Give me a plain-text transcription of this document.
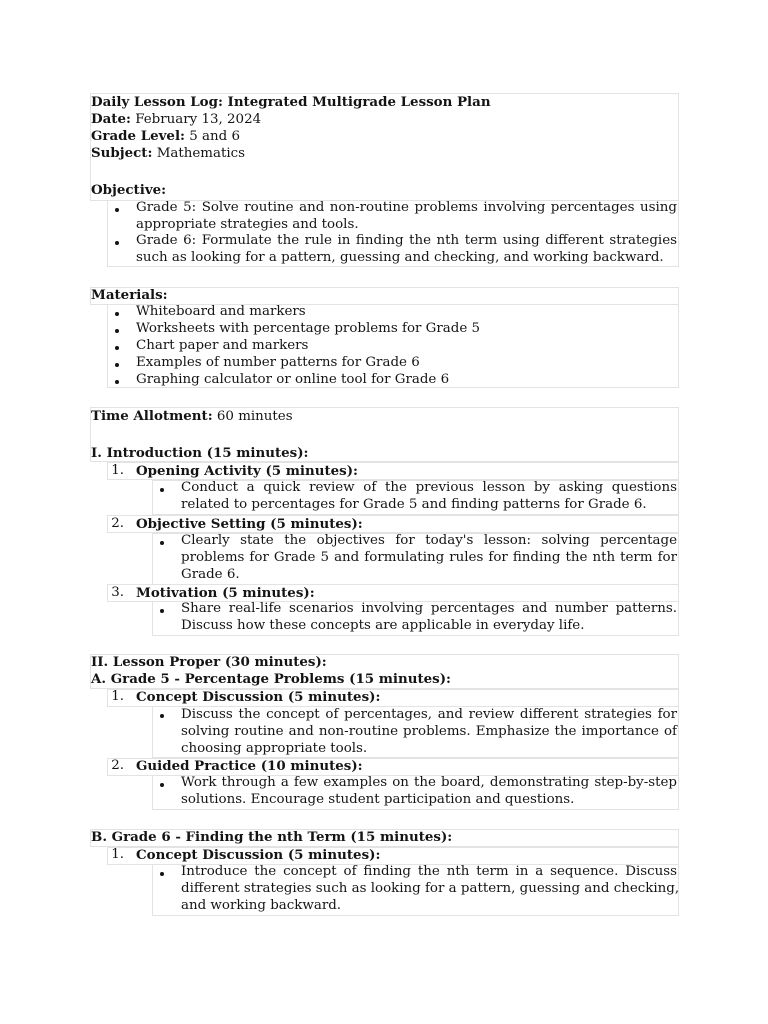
Daily Lesson Log: Integrated Multigrade Lesson Plan
Date: February 13, 2024
Grade Level: 5 and 6
Subject: Mathematics
Objective:
Grade 5: Solve routine and non-routine problems involving percentages using
appropriate strategies and tools.
Grade 6: Formulate the rule in finding the nth term using different strategies
such as looking for a pattern, guessing and checking, and working backward.
Materials:
Whiteboard and markers
Worksheets with percentage problems for Grade 5
Chart paper and markers
Examples of number patterns for Grade 6
Graphing calculator or online tool for Grade 6
Time Allotment: 60 minutes
I. Introduction (15 minutes):
1. Opening Activity (5 minutes):
Conduct a quick review of the previous lesson by asking questions
related to percentages for Grade 5 and finding patterns for Grade 6.
2. Objective Setting (5 minutes):
Clearly state the objectives for today's lesson: solving percentage
problems for Grade 5 and formulating rules for finding the nth term for
Grade 6.
3. Motivation (5 minutes):
Share real-life scenarios involving percentages and number patterns.
Discuss how these concepts are applicable in everyday life.
II. Lesson Proper (30 minutes):
A. Grade 5 - Percentage Problems (15 minutes):
1. Concept Discussion (5 minutes):
Discuss the concept of percentages, and review different strategies for
solving routine and non-routine problems. Emphasize the importance of
choosing appropriate tools.
2. Guided Practice (10 minutes):
Work through a few examples on the board, demonstrating step-by-step
solutions. Encourage student participation and questions.
B. Grade 6 - Finding the nth Term (15 minutes):
1. Concept Discussion (5 minutes):
Introduce the concept of finding the nth term in a sequence. Discuss
different strategies such as looking for a pattern, guessing and checking,
and working backward.
